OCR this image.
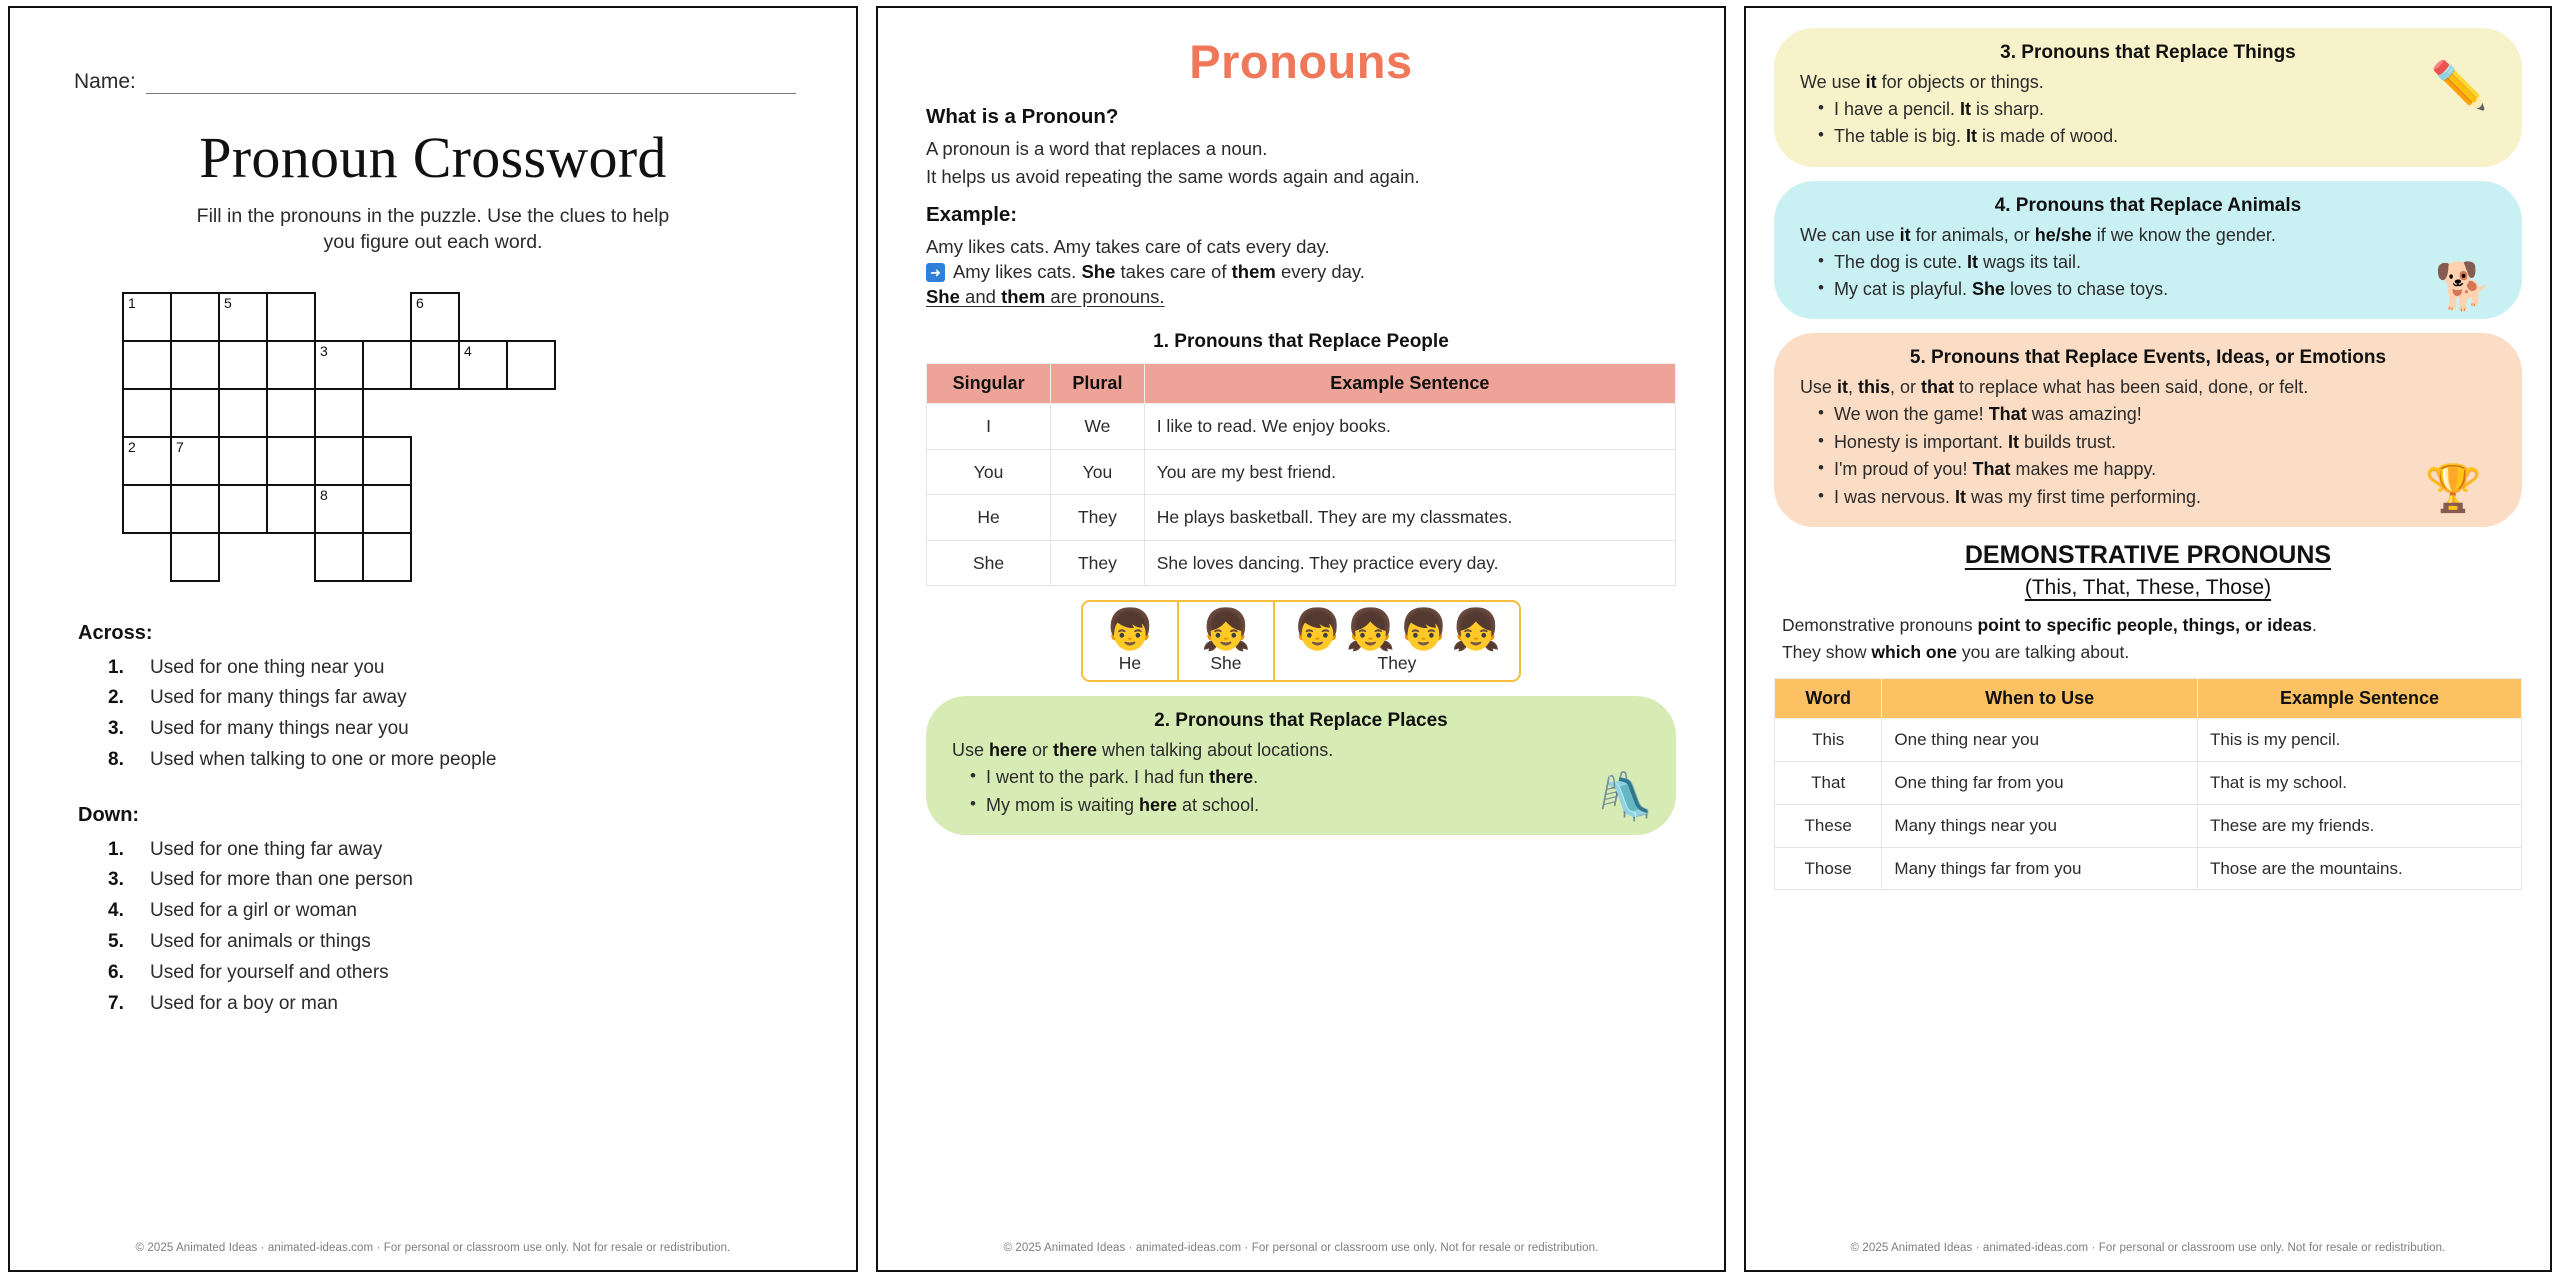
Name:
Pronoun Crossword
Fill in the pronouns in the puzzle. Use the clues to help you figure out each word.
1		5				6		

				3			4	

2	7							

				8				

Across:
1.	Used for one thing near you
2.	Used for many things far away
3.	Used for many things near you
8.	Used when talking to one or more people
Down:
1.	Used for one thing far away
3.	Used for more than one person
4.	Used for a girl or woman
5.	Used for animals or things
6.	Used for yourself and others
7.	Used for a boy or man
© 2025 Animated Ideas · animated-ideas.com · For personal or classroom use only. Not for resale or redistribution.
Pronouns
What is a Pronoun?

A pronoun is a word that replaces a noun.

It helps us avoid repeating the same words again and again.

Example:

Amy likes cats. Amy takes care of cats every day.

➜ Amy likes cats. She takes care of them every day.

She and them are pronouns.

1. Pronouns that Replace People
Singular	Plural	Example Sentence
I	We	I like to read. We enjoy books.
You	You	You are my best friend.
He	They	He plays basketball. They are my classmates.
She	They	She loves dancing. They practice every day.
👦
He
👧
She
👦 👧 👦 👧
They
2. Pronouns that Replace Places
Use here or there when talking about locations.
• I went to the park. I had fun there.
• My mom is waiting here at school.	🛝
© 2025 Animated Ideas · animated-ideas.com · For personal or classroom use only. Not for resale or redistribution.
3. Pronouns that Replace Things
We use it for objects or things.
• I have a pencil. It is sharp.
• The table is big. It is made of wood.
✏️
4. Pronouns that Replace Animals
We can use it for animals, or he/she if we know the gender.
• The dog is cute. It wags its tail.
• My cat is playful. She loves to chase toys.	🐕
5. Pronouns that Replace Events, Ideas, or Emotions
Use it, this, or that to replace what has been said, done, or felt.
• We won the game! That was amazing!
• Honesty is important. It builds trust.
• I'm proud of you! That makes me happy.
• I was nervous. It was my first time performing.	🏆
DEMONSTRATIVE PRONOUNS
(This, That, These, Those)
Demonstrative pronouns point to specific people, things, or ideas.
They show which one you are talking about.
Word	When to Use	Example Sentence
This	One thing near you	This is my pencil.
That	One thing far from you	That is my school.
These	Many things near you	These are my friends.
Those	Many things far from you	Those are the mountains.
© 2025 Animated Ideas · animated-ideas.com · For personal or classroom use only. Not for resale or redistribution.
